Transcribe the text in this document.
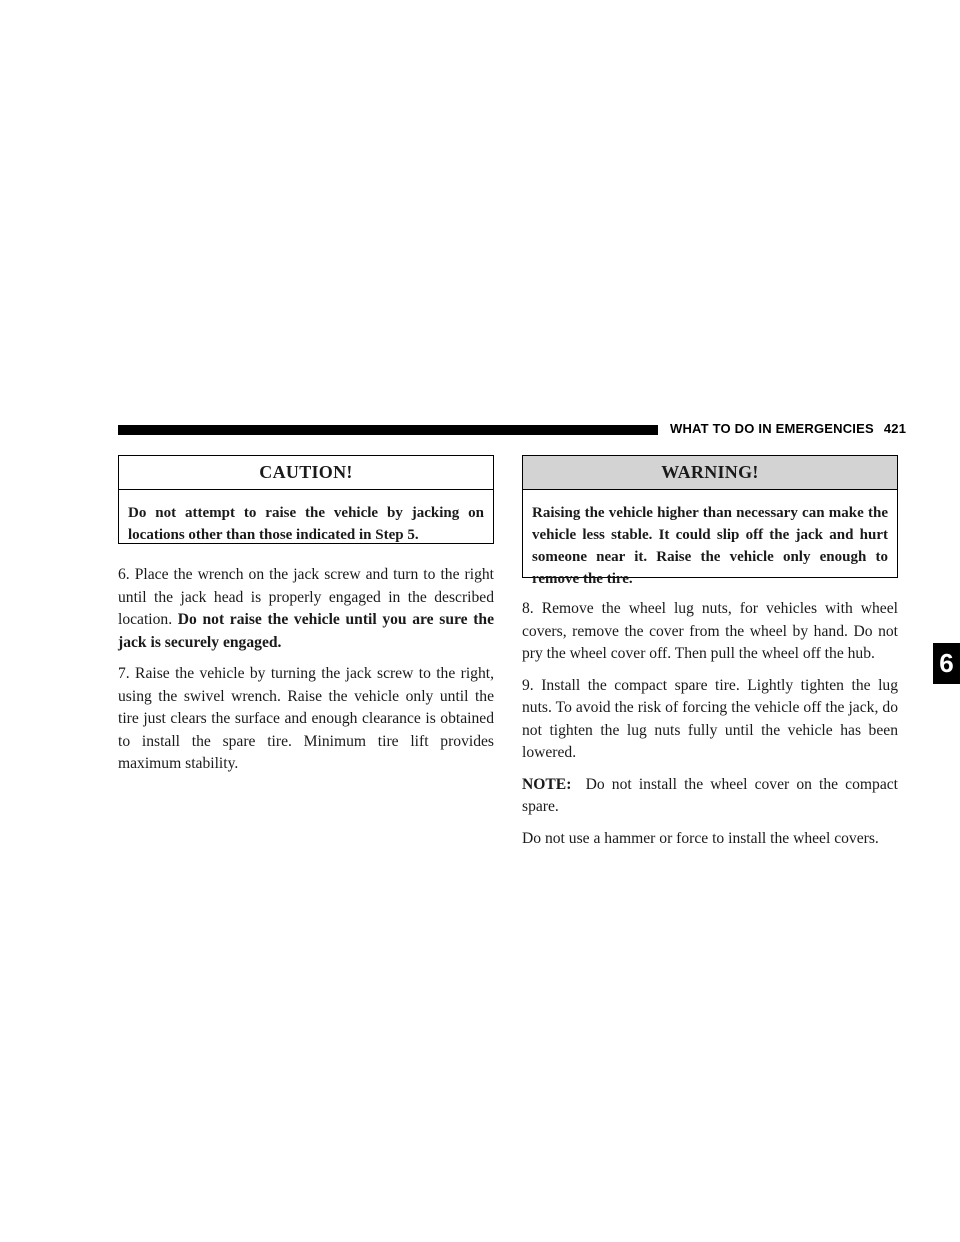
WHAT TO DO IN EMERGENCIES 421
CAUTION!
Do not attempt to raise the vehicle by jacking on locations other than those indicated in Step 5.

6. Place the wrench on the jack screw and turn to the right until the jack head is properly engaged in the described location. Do not raise the vehicle until you are sure the jack is securely engaged.

7. Raise the vehicle by turning the jack screw to the right, using the swivel wrench. Raise the vehicle only until the tire just clears the surface and enough clearance is obtained to install the spare tire. Minimum tire lift provides maximum stability.

WARNING!
Raising the vehicle higher than necessary can make the vehicle less stable. It could slip off the jack and hurt someone near it. Raise the vehicle only enough to remove the tire.

8. Remove the wheel lug nuts, for vehicles with wheel covers, remove the cover from the wheel by hand. Do not pry the wheel cover off. Then pull the wheel off the hub.

9. Install the compact spare tire. Lightly tighten the lug nuts. To avoid the risk of forcing the vehicle off the jack, do not tighten the lug nuts fully until the vehicle has been lowered.

NOTE: Do not install the wheel cover on the compact spare.

Do not use a hammer or force to install the wheel covers.

6
